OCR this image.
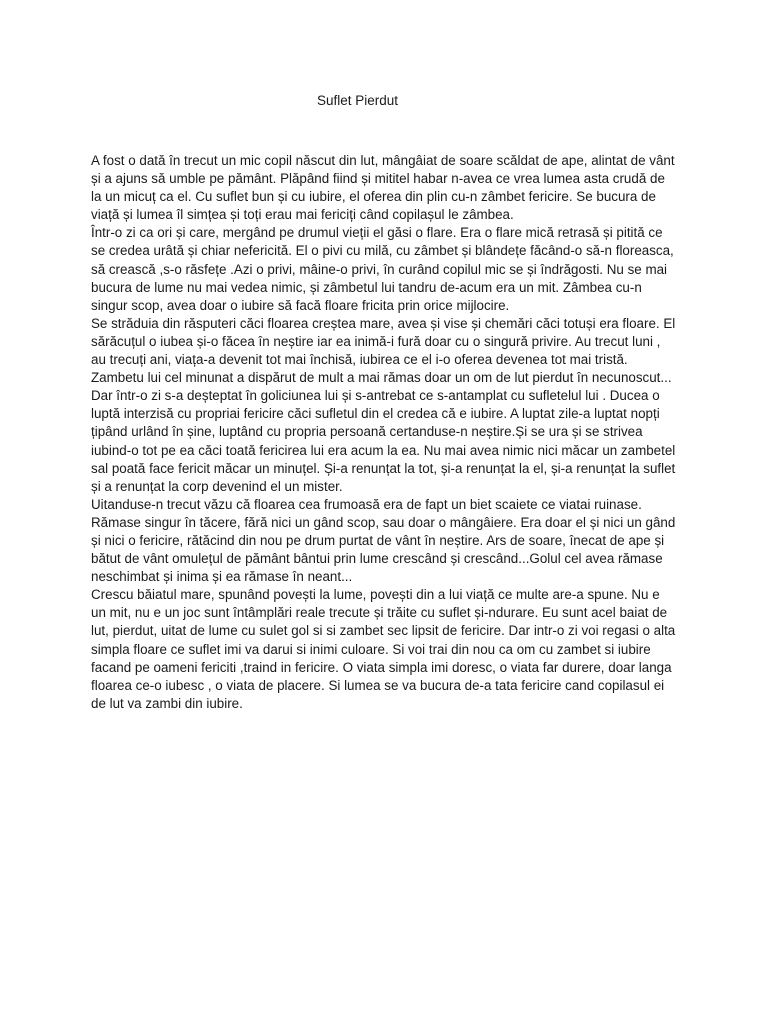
Suflet Pierdut

A fost o dată în trecut un mic copil născut din lut, mângâiat de soare scăldat de ape, alintat de vânt și a ajuns să umble pe pământ. Plăpând fiind și mititel habar n-avea ce vrea lumea asta crudă de la un micuț ca el. Cu suflet bun și cu iubire, el oferea din plin cu-n zâmbet fericire. Se bucura de viață și lumea îl simțea și toți erau mai fericiți când copilașul le zâmbea.

Într-o zi ca ori și care, mergând pe drumul vieții el găsi o flare. Era o flare mică retrasă și pitită ce se credea urâtă și chiar nefericită. El o pivi cu milă, cu zâmbet și blândețe făcând-o să-n floreasca, să crească ,s-o răsfețe .Azi o privi, mâine-o privi, în curând copilul mic se și îndrăgosti. Nu se mai bucura de lume nu mai vedea nimic, și zâmbetul lui tandru de-acum era un mit. Zâmbea cu-n singur scop, avea doar o iubire să facă floare fricita prin orice mijlocire.

Se străduia din răsputeri căci floarea creștea mare, avea și vise și chemări căci totuși era floare. El sărăcuțul o iubea și-o făcea în neștire iar ea inimă-i fură doar cu o singură privire. Au trecut luni , au trecuți ani, viața-a devenit tot mai închisă, iubirea ce el i-o oferea devenea tot mai tristă. Zambetu lui cel minunat a dispărut de mult a mai rămas doar un om de lut pierdut în necunoscut...

Dar într-o zi s-a deșteptat în goliciunea lui și s-antrebat ce s-antamplat cu sufletelul lui . Ducea o luptă interzisă cu propriai fericire căci sufletul din el credea că e iubire. A luptat zile-a luptat nopți țipând urlând în șine, luptând cu propria persoană certanduse-n neștire.Și se ura și se strivea iubind-o tot pe ea căci toată fericirea lui era acum la ea. Nu mai avea nimic nici măcar un zambetel sal poată face fericit măcar un minuțel. Și-a renunțat la tot, și-a renunțat la el, și-a renunțat la suflet și a renunțat la corp devenind el un mister.

Uitanduse-n trecut văzu că floarea cea frumoasă era de fapt un biet scaiete ce viatai ruinase. Rămase singur în tăcere, fără nici un gând scop, sau doar o mângâiere. Era doar el și nici un gând și nici o fericire, rătăcind din nou pe drum purtat de vânt în neștire. Ars de soare, înecat de ape și bătut de vânt omulețul de pământ bântui prin lume crescând și crescând...Golul cel avea rămase neschimbat și inima și ea rămase în neant...

Crescu băiatul mare, spunând povești la lume, povești din a lui viață ce multe are-a spune. Nu e un mit, nu e un joc sunt întâmplări reale trecute și trăite cu suflet și-ndurare. Eu sunt acel baiat de lut, pierdut, uitat de lume cu sulet gol si si zambet sec lipsit de fericire. Dar intr-o zi voi regasi o alta simpla floare ce suflet imi va darui si inimi culoare. Si voi trai din nou ca om cu zambet si iubire facand pe oameni fericiti ,traind in fericire. O viata simpla imi doresc, o viata far durere, doar langa floarea ce-o iubesc , o viata de placere. Si lumea se va bucura de-a tata fericire cand copilasul ei de lut va zambi din iubire.
